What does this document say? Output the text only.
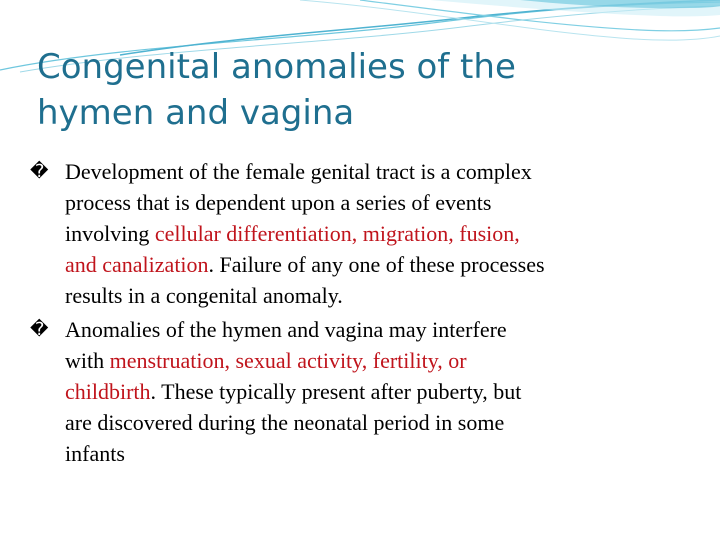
Congenital anomalies of the
hymen and vagina
� Development of the female genital tract is a complex
process that is dependent upon a series of events
involving cellular differentiation, migration, fusion,
and canalization. Failure of any one of these processes
results in a congenital anomaly.
� Anomalies of the hymen and vagina may interfere
with menstruation, sexual activity, fertility, or
childbirth. These typically present after puberty, but
are discovered during the neonatal period in some
infants
